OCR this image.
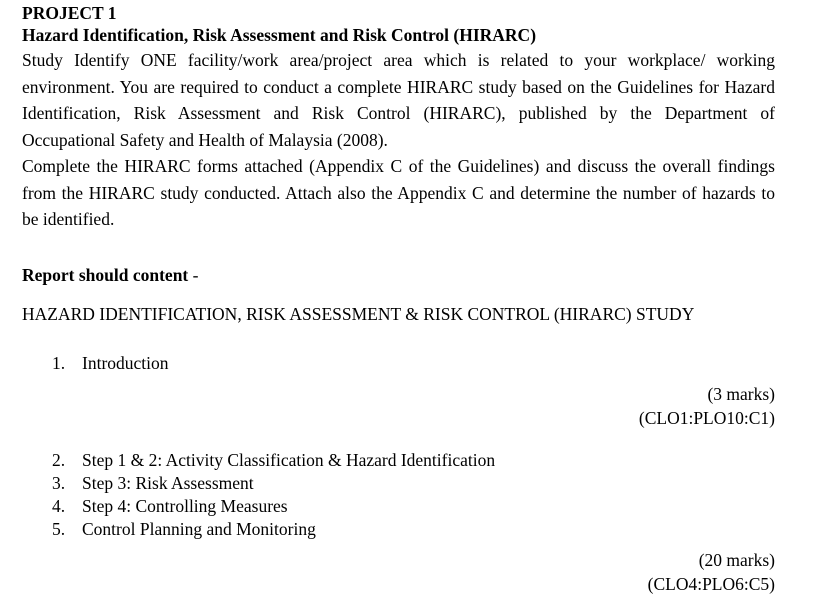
PROJECT 1

Hazard Identification, Risk Assessment and Risk Control (HIRARC)

Study Identify ONE facility/work area/project area which is related to your workplace/ working environment. You are required to conduct a complete HIRARC study based on the Guidelines for Hazard Identification, Risk Assessment and Risk Control (HIRARC), published by the Department of Occupational Safety and Health of Malaysia (2008).

Complete the HIRARC forms attached (Appendix C of the Guidelines) and discuss the overall findings from the HIRARC study conducted. Attach also the Appendix C and determine the number of hazards to be identified.

Report should content -

HAZARD IDENTIFICATION, RISK ASSESSMENT & RISK CONTROL (HIRARC) STUDY

1. Introduction

(3 marks)

(CLO1:PLO10:C1)

2. Step 1 & 2: Activity Classification & Hazard Identification
3. Step 3: Risk Assessment
4. Step 4: Controlling Measures
5. Control Planning and Monitoring

(20 marks)

(CLO4:PLO6:C5)
